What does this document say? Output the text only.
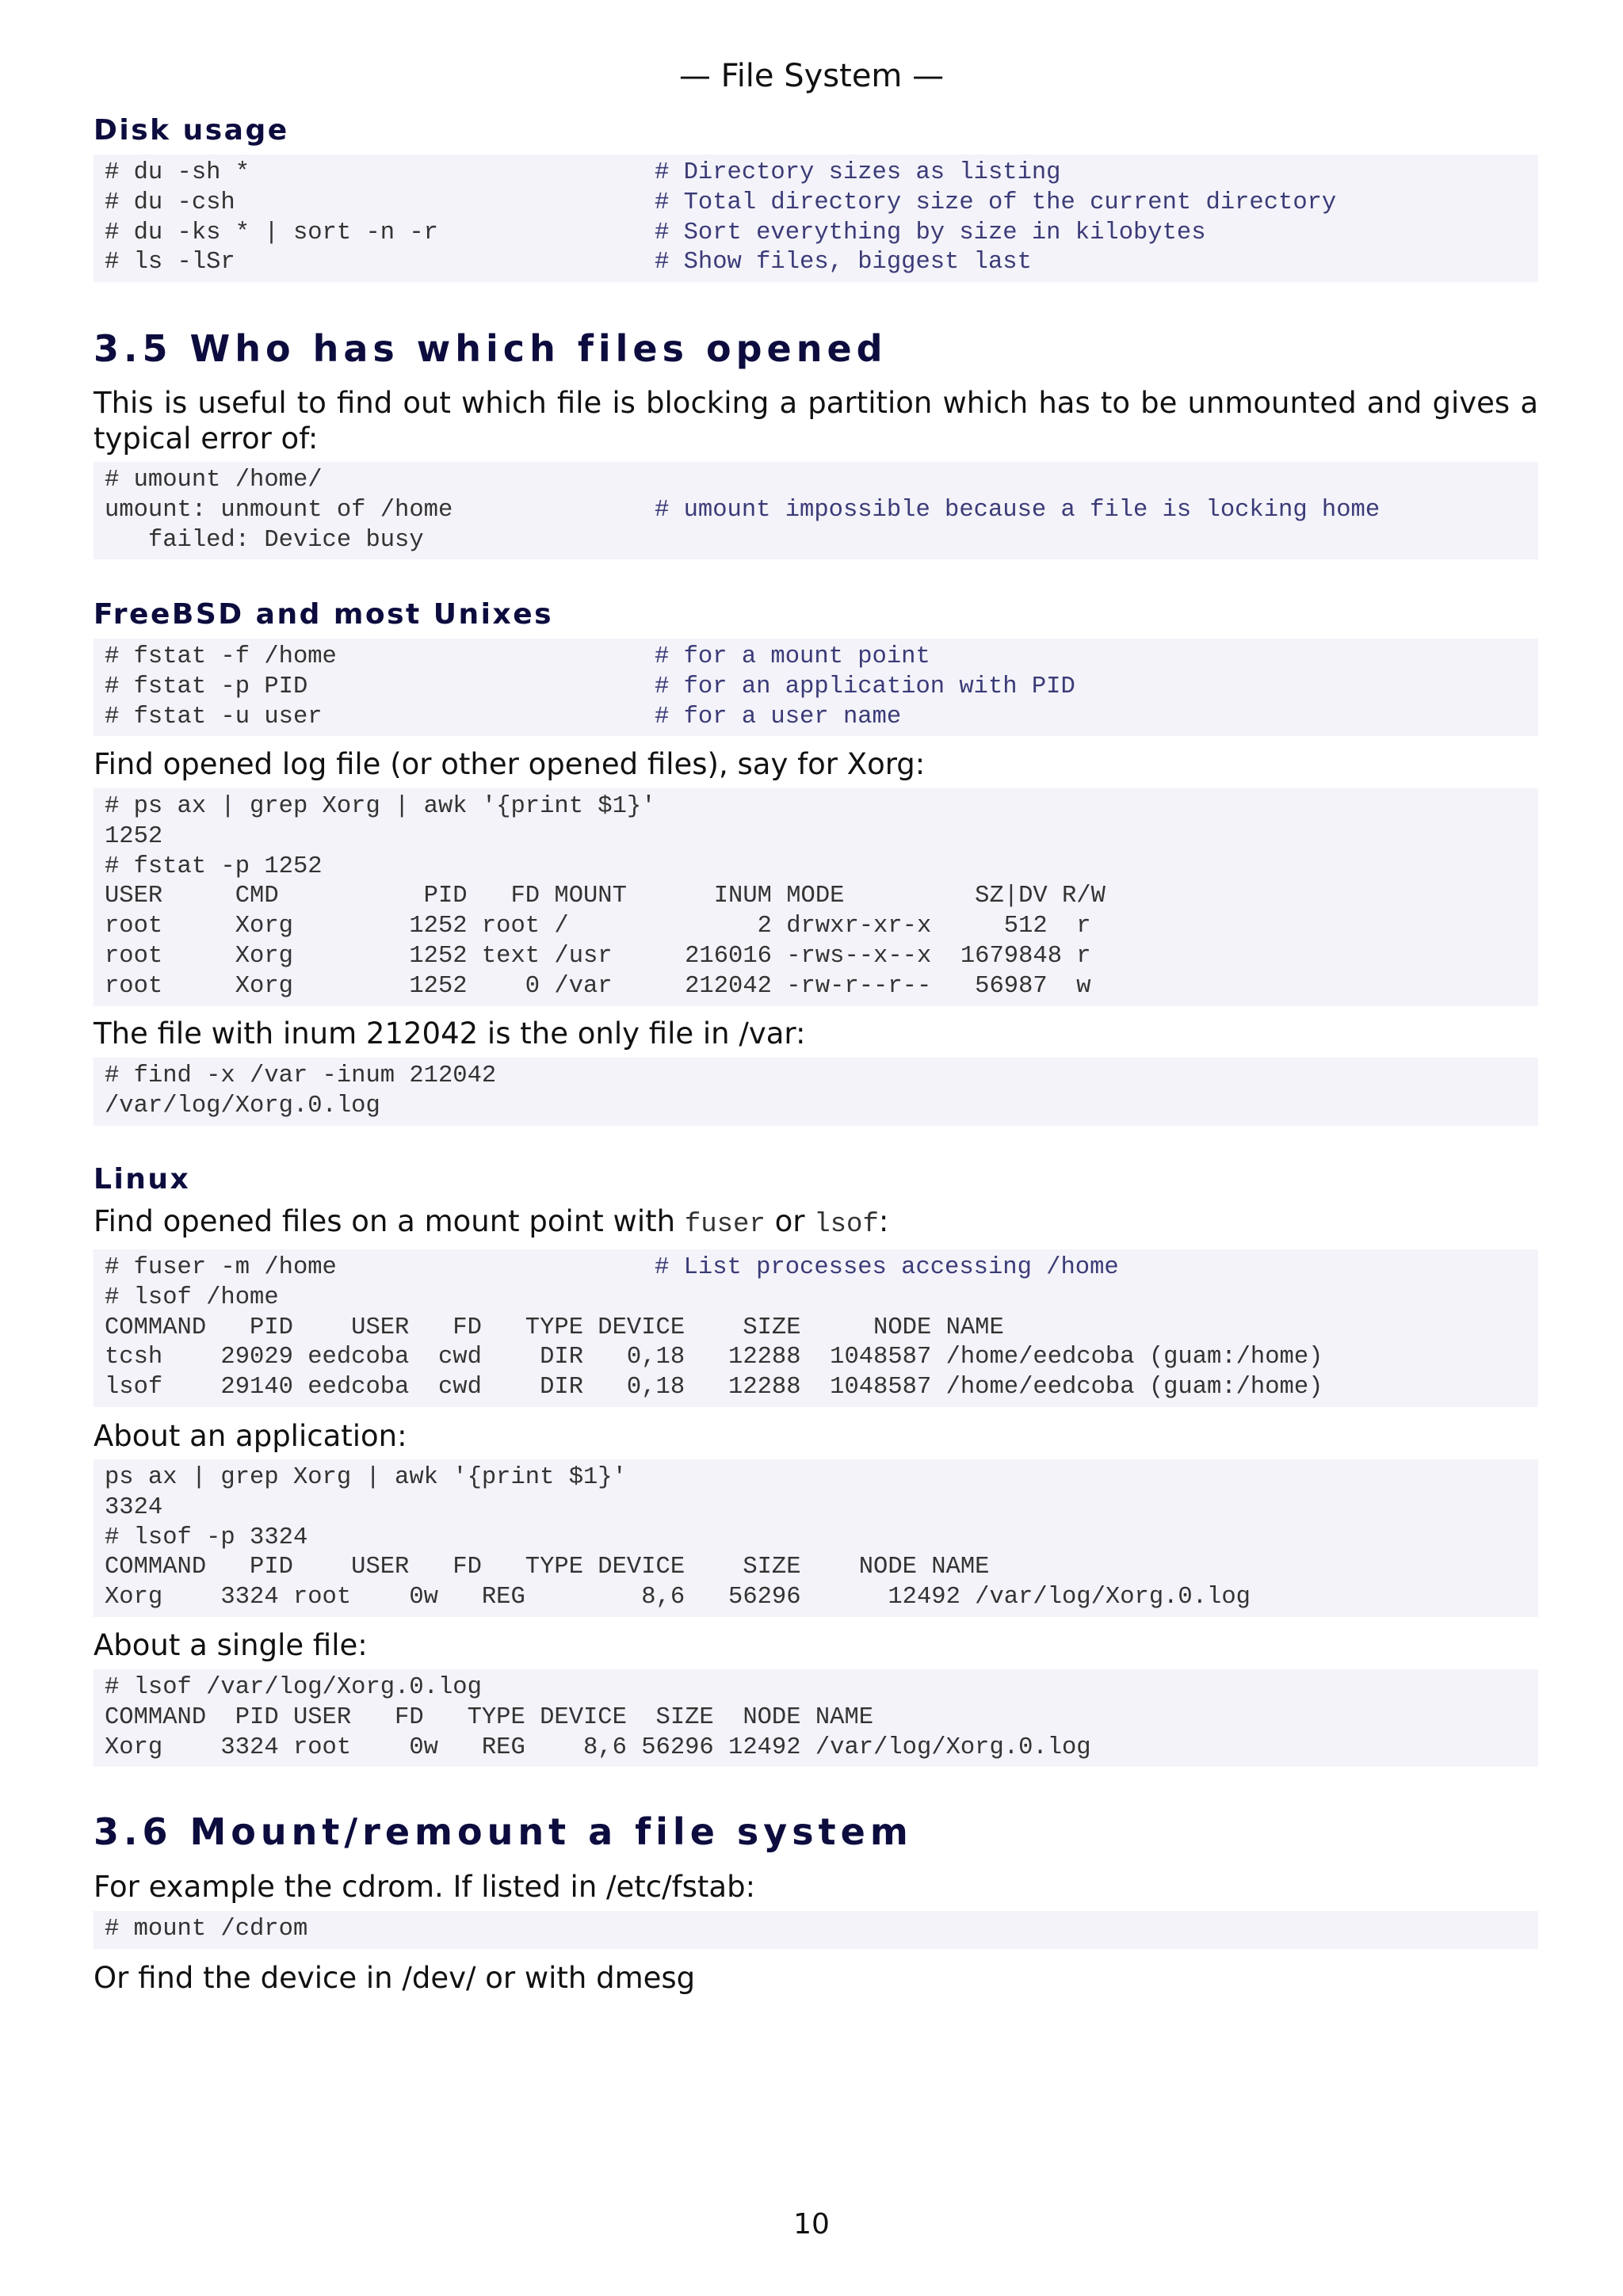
— File System —
Disk usage
# du -sh *	# Directory sizes as listing
# du -csh	# Total directory size of the current directory
# du -ks * | sort -n -r	# Sort everything by size in kilobytes
# ls -lSr	# Show files, biggest last
3.5 Who has which files opened

This is useful to find out which file is blocking a partition which has to be unmounted and gives a typical error of:

# umount /home/
umount: unmount of /home	# umount impossible because a file is locking home
failed: Device busy
FreeBSD and most Unixes
# fstat -f /home	# for a mount point
# fstat -p PID	# for an application with PID
# fstat -u user	# for a user name

Find opened log file (or other opened files), say for Xorg:

# ps ax | grep Xorg | awk '{print $1}'
1252
# fstat -p 1252
USER     CMD          PID   FD MOUNT      INUM MODE         SZ|DV R/W
root     Xorg        1252 root /             2 drwxr-xr-x     512  r
root     Xorg        1252 text /usr     216016 -rws--x--x  1679848 r
root     Xorg        1252    0 /var     212042 -rw-r--r--   56987  w

The file with inum 212042 is the only file in /var:

# find -x /var -inum 212042
/var/log/Xorg.0.log
Linux

Find opened files on a mount point with fuser or lsof:

# fuser -m /home	# List processes accessing /home
# lsof /home
COMMAND   PID    USER   FD   TYPE DEVICE    SIZE     NODE NAME
tcsh    29029 eedcoba  cwd    DIR   0,18   12288  1048587 /home/eedcoba (guam:/home)
lsof    29140 eedcoba  cwd    DIR   0,18   12288  1048587 /home/eedcoba (guam:/home)

About an application:

ps ax | grep Xorg | awk '{print $1}'
3324
# lsof -p 3324
COMMAND   PID    USER   FD   TYPE DEVICE    SIZE    NODE NAME
Xorg    3324 root    0w   REG        8,6   56296      12492 /var/log/Xorg.0.log

About a single file:

# lsof /var/log/Xorg.0.log
COMMAND  PID USER   FD   TYPE DEVICE  SIZE  NODE NAME
Xorg    3324 root    0w   REG    8,6 56296 12492 /var/log/Xorg.0.log
3.6 Mount/remount a file system

For example the cdrom. If listed in /etc/fstab:

# mount /cdrom

Or find the device in /dev/ or with dmesg

10
